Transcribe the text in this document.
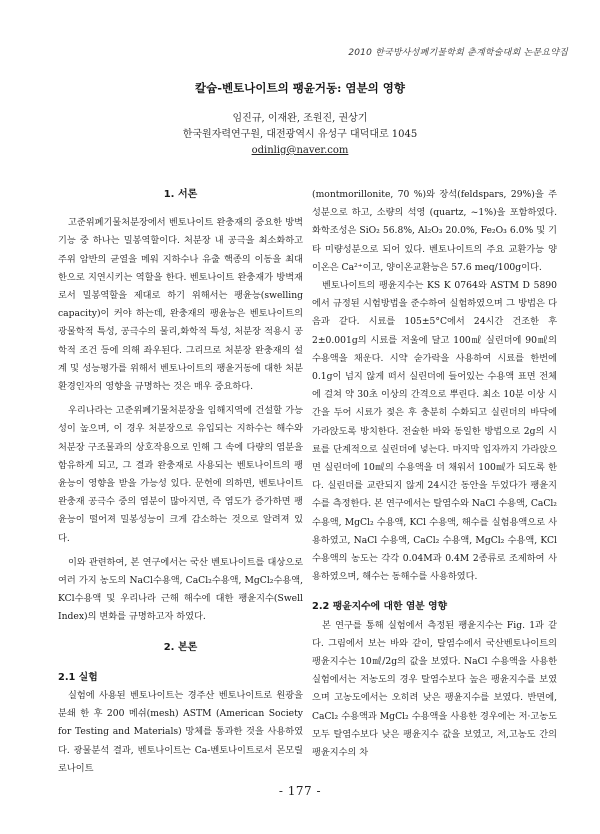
2010 한국방사성폐기물학회 춘계학술대회 논문요약집
칼슘-벤토나이트의 팽윤거동: 염분의 영향
임진규, 이재완, 조원진, 권상기
한국원자력연구원, 대전광역시 유성구 대덕대로 1045
odinlig@naver.com
1. 서론

고준위폐기물처분장에서 벤토나이트 완충재의 중요한 방벽기능 중 하나는 밀봉역할이다. 처분장 내 공극을 최소화하고 주위 암반의 균열을 메워 지하수나 유출 핵종의 이동을 최대한으로 지연시키는 역할을 한다. 벤토나이트 완충재가 방벽재로서 밀봉역할을 제대로 하기 위해서는 팽윤능(swelling capacity)이 커야 하는데, 완충재의 팽윤능은 벤토나이트의 광물학적 특성, 공극수의 물리,화학적 특성, 처분장 적용시 공학적 조건 등에 의해 좌우된다. 그리므로 처분장 완충재의 설계 및 성능평가를 위해서 벤토나이트의 팽윤거동에 대한 처분환경인자의 영향을 규명하는 것은 매우 중요하다.

우리나라는 고준위폐기물처분장을 임해지역에 건설할 가능성이 높으며, 이 경우 처분장으로 유입되는 지하수는 해수와 처분장 구조물과의 상호작용으로 인해 그 속에 다량의 염분을 함유하게 되고, 그 결과 완충재로 사용되는 벤토나이트의 팽윤능이 영향을 받을 가능성 있다. 문헌에 의하면, 벤토나이트완충재 공극수 중의 염분이 많아지면, 즉 염도가 증가하면 팽윤능이 떨어져 밀봉성능이 크게 감소하는 것으로 알려져 있다.

이와 관련하여, 본 연구에서는 국산 벤토나이트를 대상으로 여러 가지 농도의 NaCl수용액, CaCl₂수용액, MgCl₂수용액, KCl수용액 및 우리나라 근해 해수에 대한 팽윤지수(Swell Index)의 변화를 규명하고자 하였다.

2. 본론
2.1 실험

실험에 사용된 벤토나이트는 경주산 벤토나이트로 원광을 분쇄 한 후 200 메쉬(mesh) ASTM (American Society for Testing and Materials) 망체를 통과한 것을 사용하였다. 광물분석 결과, 벤토나이트는 Ca-벤토나이트로서 몬모릴로나이트

(montmorillonite, 70 %)와 장석(feldspars, 29%)을 주성분으로 하고, 소량의 석영 (quartz, ~1%)을 포함하였다. 화학조성은 SiO₂ 56.8%, Al₂O₃ 20.0%, Fe₂O₃ 6.0% 및 기타 미량성분으로 되어 있다. 벤토나이트의 주요 교환가능 양이온은 Ca²⁺이고, 양이온교환능은 57.6 meq/100g이다.

벤토나이트의 팽윤지수는 KS K 0764와 ASTM D 5890에서 규정된 시험방법을 준수하여 실험하였으며 그 방법은 다음과 같다. 시료를 105±5°C에서 24시간 건조한 후 2±0.001g의 시료를 저울에 달고 100㎖ 실린더에 90㎖의 수용액을 채운다. 시약 숟가락을 사용하여 시료를 한번에 0.1g이 넘지 않게 떠서 실린더에 들어있는 수용액 표면 전체에 걸쳐 약 30초 이상의 간격으로 뿌린다. 최소 10분 이상 시간을 두어 시료가 젖은 후 충분히 수화되고 실린더의 바닥에 가라앉도록 방치한다. 전술한 바와 동일한 방법으로 2g의 시료를 단계적으로 실린더에 넣는다. 마지막 입자까지 가라앉으면 실린더에 10㎖의 수용액을 더 채워서 100㎖가 되도록 한다. 실린더를 교란되지 않게 24시간 동안을 두었다가 팽윤지수를 측정한다. 본 연구에서는 탈염수와 NaCl 수용액, CaCl₂ 수용액, MgCl₂ 수용액, KCl 수용액, 해수를 실험용액으로 사용하였고, NaCl 수용액, CaCl₂ 수용액, MgCl₂ 수용액, KCl 수용액의 농도는 각각 0.04M과 0.4M 2종류로 조제하여 사용하였으며, 해수는 동해수를 사용하였다.

2.2 팽윤지수에 대한 염분 영향

본 연구를 통해 실험에서 측정된 팽윤지수는 Fig. 1과 같다. 그림에서 보는 바와 같이, 탈염수에서 국산벤토나이트의 팽윤지수는 10㎖/2g의 값을 보였다. NaCl 수용액을 사용한 실험에서는 저농도의 경우 탈염수보다 높은 팽윤지수를 보였으며 고농도에서는 오히려 낮은 팽윤지수를 보였다. 반면에, CaCl₂ 수용액과 MgCl₂ 수용액을 사용한 경우에는 저·고농도 모두 탈염수보다 낮은 팽윤지수 값을 보였고, 저,고농도 간의 팽윤지수의 차

- 177 -
